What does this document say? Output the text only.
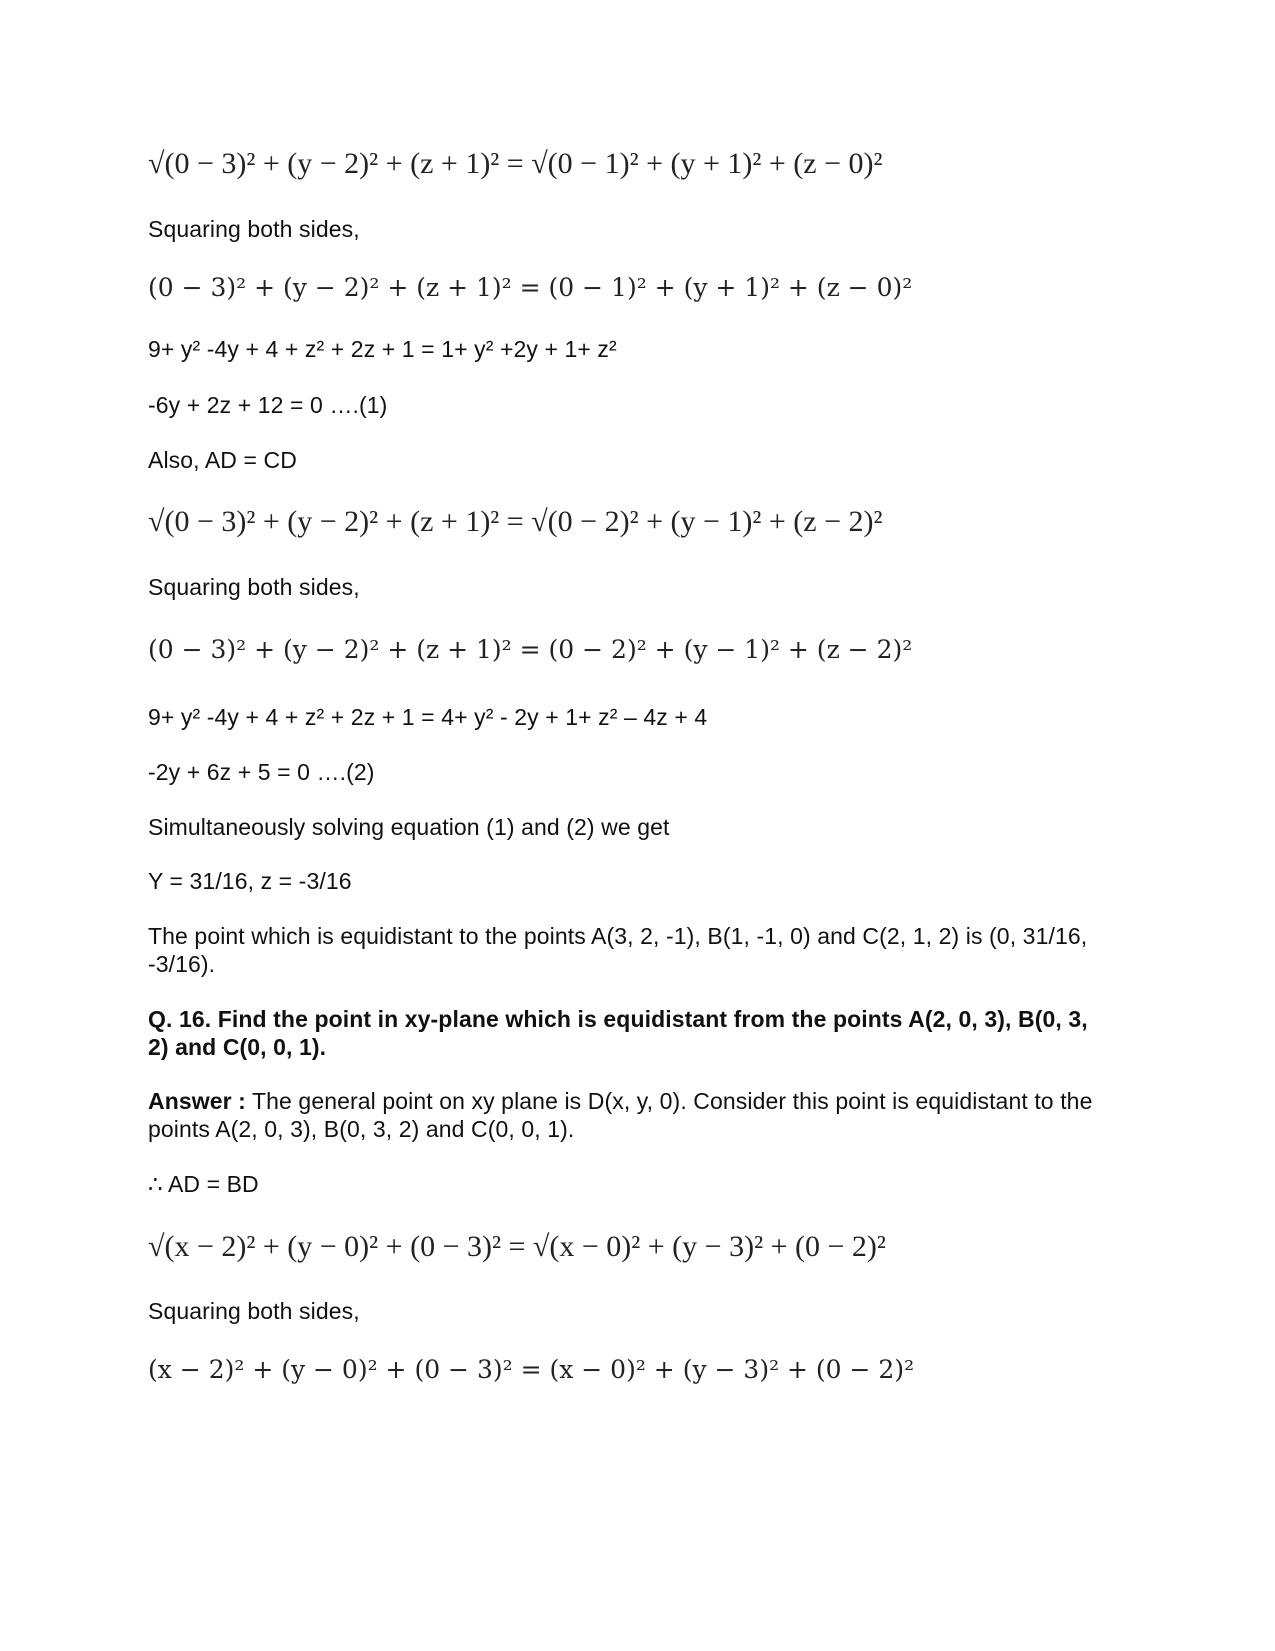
√(0 − 3)² + (y − 2)² + (z + 1)² = √(0 − 1)² + (y + 1)² + (z − 0)²
Squaring both sides,
(0 − 3)² + (y − 2)² + (z + 1)² = (0 − 1)² + (y + 1)² + (z − 0)²
9+ y² -4y + 4 + z² + 2z + 1 = 1+ y² +2y + 1+ z²
-6y + 2z + 12 = 0 ….(1)
Also, AD = CD
√(0 − 3)² + (y − 2)² + (z + 1)² = √(0 − 2)² + (y − 1)² + (z − 2)²
Squaring both sides,
(0 − 3)² + (y − 2)² + (z + 1)² = (0 − 2)² + (y − 1)² + (z − 2)²
9+ y² -4y + 4 + z² + 2z + 1 = 4+ y² - 2y + 1+ z² – 4z + 4
-2y + 6z + 5 = 0 ….(2)
Simultaneously solving equation (1) and (2) we get
Y = 31/16, z = -3/16
The point which is equidistant to the points A(3, 2, -1), B(1, -1, 0) and C(2, 1, 2) is (0, 31/16, -3/16).
Q. 16. Find the point in xy-plane which is equidistant from the points A(2, 0, 3), B(0, 3, 2) and C(0, 0, 1).
Answer : The general point on xy plane is D(x, y, 0). Consider this point is equidistant to the points A(2, 0, 3), B(0, 3, 2) and C(0, 0, 1).
∴ AD = BD
√(x − 2)² + (y − 0)² + (0 − 3)² = √(x − 0)² + (y − 3)² + (0 − 2)²
Squaring both sides,
(x − 2)² + (y − 0)² + (0 − 3)² = (x − 0)² + (y − 3)² + (0 − 2)²
